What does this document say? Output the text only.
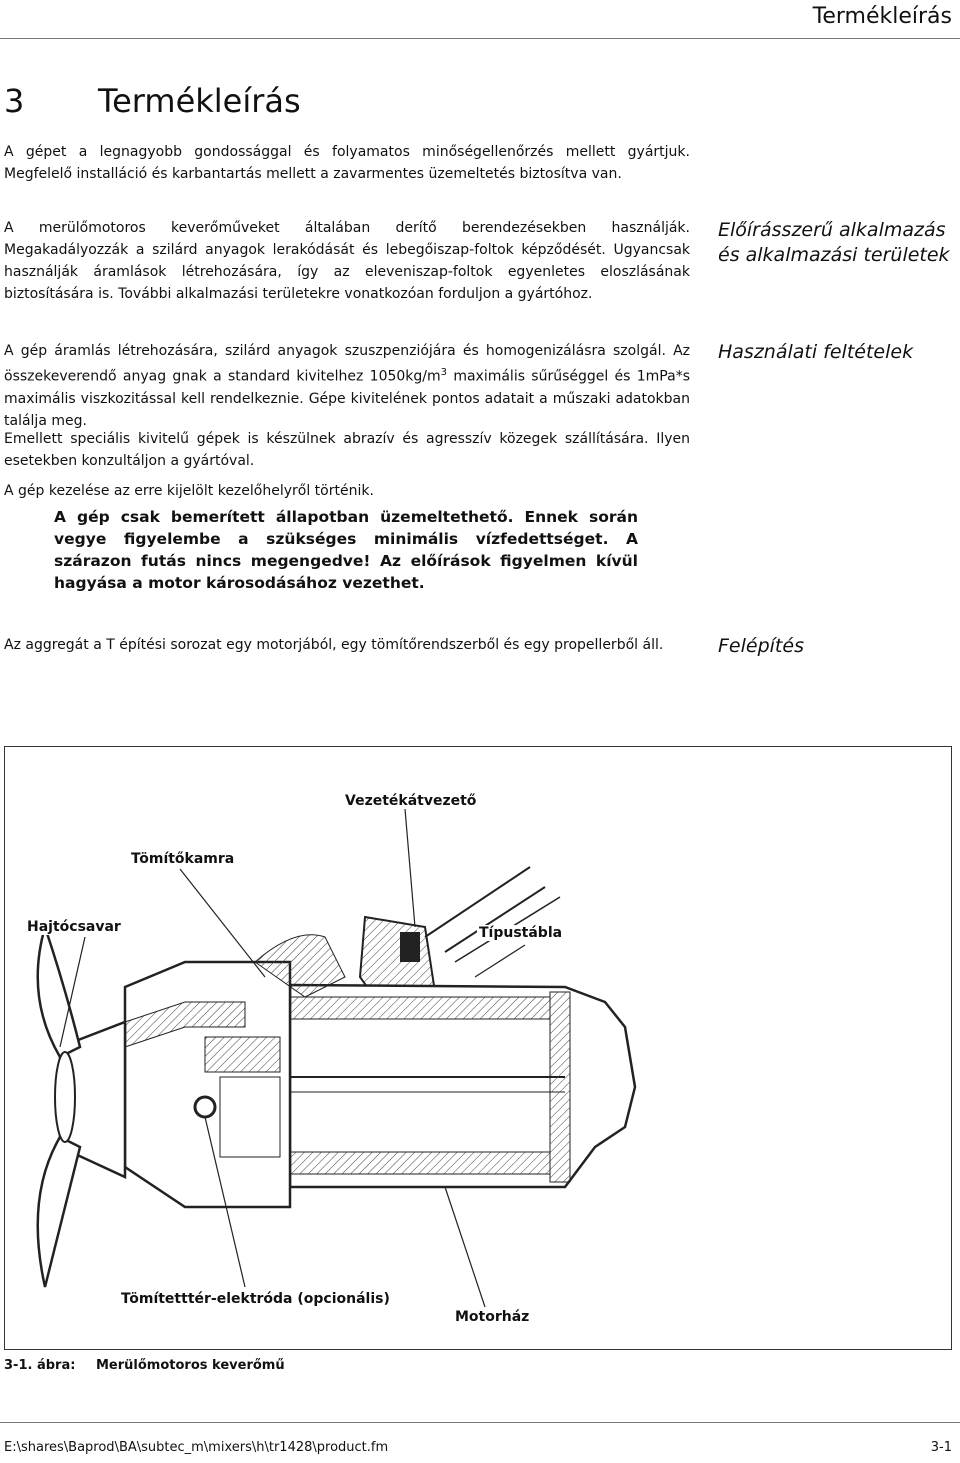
Termékleírás
3 Termékleírás
A gépet a legnagyobb gondossággal és folyamatos minőségellenőrzés mellett gyártjuk. Megfelelő installáció és karbantartás mellett a zavarmentes üzemeltetés biztosítva van.
A merülőmotoros keverőműveket általában derítő berendezésekben használják. Megakadályozzák a szilárd anyagok lerakódását és lebegőiszap-foltok képződését. Ugyancsak használják áramlások létrehozására, így az eleveniszap-foltok egyenletes eloszlásának biztosítására is. További alkalmazási területekre vonatkozóan forduljon a gyártóhoz.
Előírásszerű alkalmazás és alkalmazási területek
A gép áramlás létrehozására, szilárd anyagok szuszpenziójára és homogenizálásra szolgál. Az összekeverendő anyag gnak a standard kivitelhez $1050kg/m^3$ maximális sűrűséggel és 1mPa*s maximális viszkozitással kell rendelkeznie. Gépe kivitelének pontos adatait a műszaki adatokban találja meg.
Használati feltételek
Emellett speciális kivitelű gépek is készülnek abrazív és agresszív közegek szállítására. Ilyen esetekben konzultáljon a gyártóval.
A gép kezelése az erre kijelölt kezelőhelyről történik.
A gép csak bemerített állapotban üzemeltethető. Ennek során vegye figyelembe a szükséges minimális vízfedettséget. A szárazon futás nincs megengedve! Az előírások figyelmen kívül hagyása a motor károsodásához vezethet.
Az aggregát a T építési sorozat egy motorjából, egy tömítőrendszerből és egy propellerből áll.	Felépítés
Vezetékátvezető
Tömítőkamra
Hajtócsavar	Típustábla
Tömítetttér-elektróda (opcionális)
Motorház
3-1. ábra: Merülőmotoros keverőmű
E:\shares\Baprod\BA\subtec_m\mixers\h\tr1428\product.fm	3-1
